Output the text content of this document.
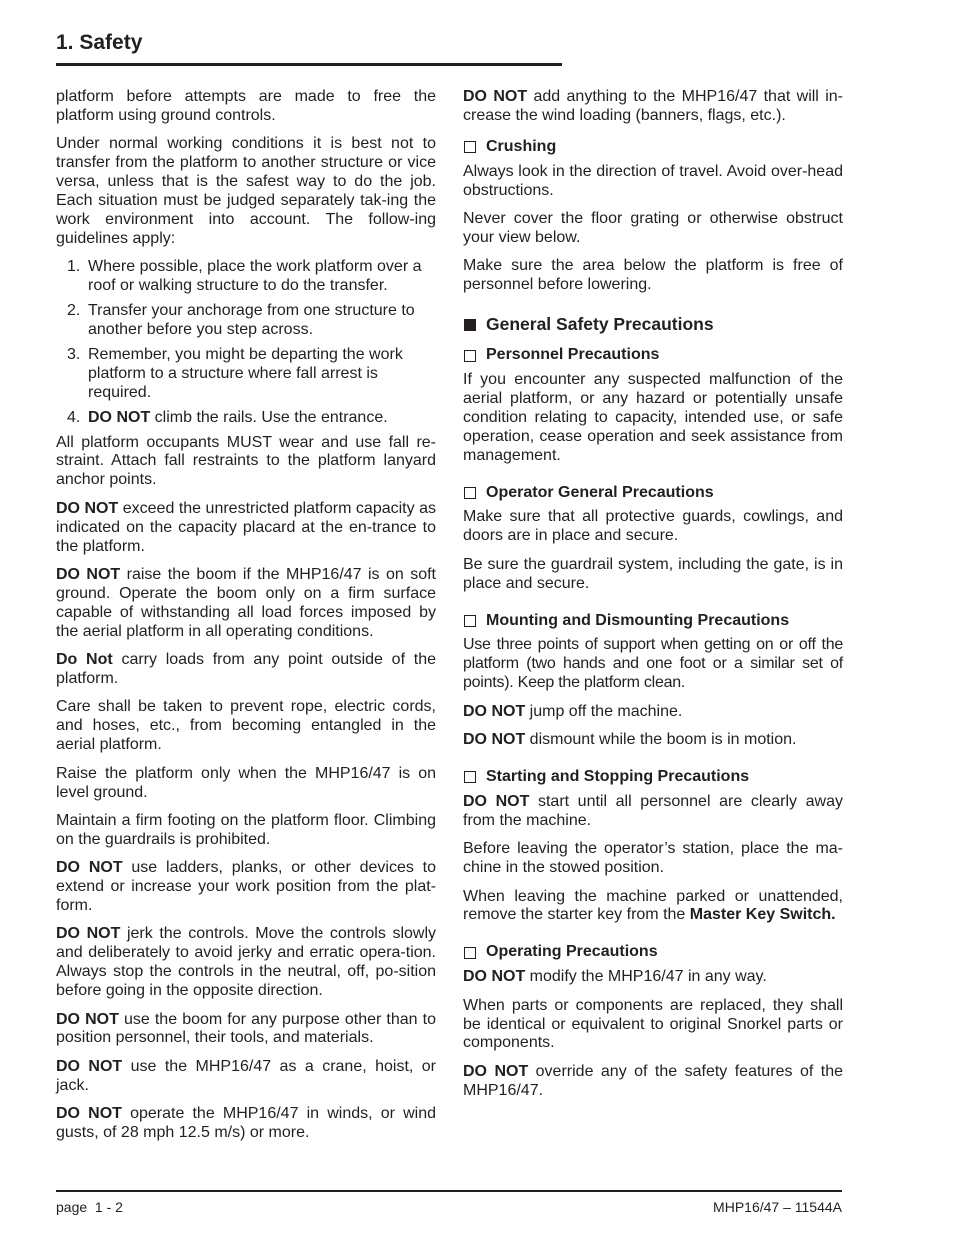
1. Safety

platform before attempts are made to free the platform using ground controls.

Under normal working conditions it is best not to transfer from the platform to another structure or vice versa, unless that is the safest way to do the job. Each situation must be judged separately tak-ing the work environment into account. The follow-ing guidelines apply:

1. Where possible, place the work platform over a roof or walking structure to do the transfer.
2. Transfer your anchorage from one structure to another before you step across.
3. Remember, you might be departing the work platform to a structure where fall arrest is required.
4. DO NOT climb the rails. Use the entrance.

All platform occupants MUST wear and use fall re-straint. Attach fall restraints to the platform lanyard anchor points.

DO NOT exceed the unrestricted platform capacity as indicated on the capacity placard at the en-trance to the platform.

DO NOT raise the boom if the MHP16/47 is on soft ground. Operate the boom only on a firm surface capable of withstanding all load forces imposed by the aerial platform in all operating conditions.

Do Not carry loads from any point outside of the platform.

Care shall be taken to prevent rope, electric cords, and hoses, etc., from becoming entangled in the aerial platform.

Raise the platform only when the MHP16/47 is on level ground.

Maintain a firm footing on the platform floor. Climbing on the guardrails is prohibited.

DO NOT use ladders, planks, or other devices to extend or increase your work position from the plat-form.

DO NOT jerk the controls. Move the controls slowly and deliberately to avoid jerky and erratic opera-tion. Always stop the controls in the neutral, off, po-sition before going in the opposite direction.

DO NOT use the boom for any purpose other than to position personnel, their tools, and materials.

DO NOT use the MHP16/47 as a crane, hoist, or jack.

DO NOT operate the MHP16/47 in winds, or wind gusts, of 28 mph 12.5 m/s) or more.

DO NOT add anything to the MHP16/47 that will in-crease the wind loading (banners, flags, etc.).

Crushing

Always look in the direction of travel. Avoid over-head obstructions.

Never cover the floor grating or otherwise obstruct your view below.

Make sure the area below the platform is free of personnel before lowering.

General Safety Precautions
Personnel Precautions

If you encounter any suspected malfunction of the aerial platform, or any hazard or potentially unsafe condition relating to capacity, intended use, or safe operation, cease operation and seek assistance from management.

Operator General Precautions

Make sure that all protective guards, cowlings, and doors are in place and secure.

Be sure the guardrail system, including the gate, is in place and secure.

Mounting and Dismounting Precautions

Use three points of support when getting on or off the platform (two hands and one foot or a similar set of points). Keep the platform clean.

DO NOT jump off the machine.

DO NOT dismount while the boom is in motion.

Starting and Stopping Precautions

DO NOT start until all personnel are clearly away from the machine.

Before leaving the operator’s station, place the ma-chine in the stowed position.

When leaving the machine parked or unattended, remove the starter key from the Master Key Switch.

Operating Precautions

DO NOT modify the MHP16/47 in any way.

When parts or components are replaced, they shall be identical or equivalent to original Snorkel parts or components.

DO NOT override any of the safety features of the MHP16/47.

page  1 - 2	MHP16/47 – 11544A
